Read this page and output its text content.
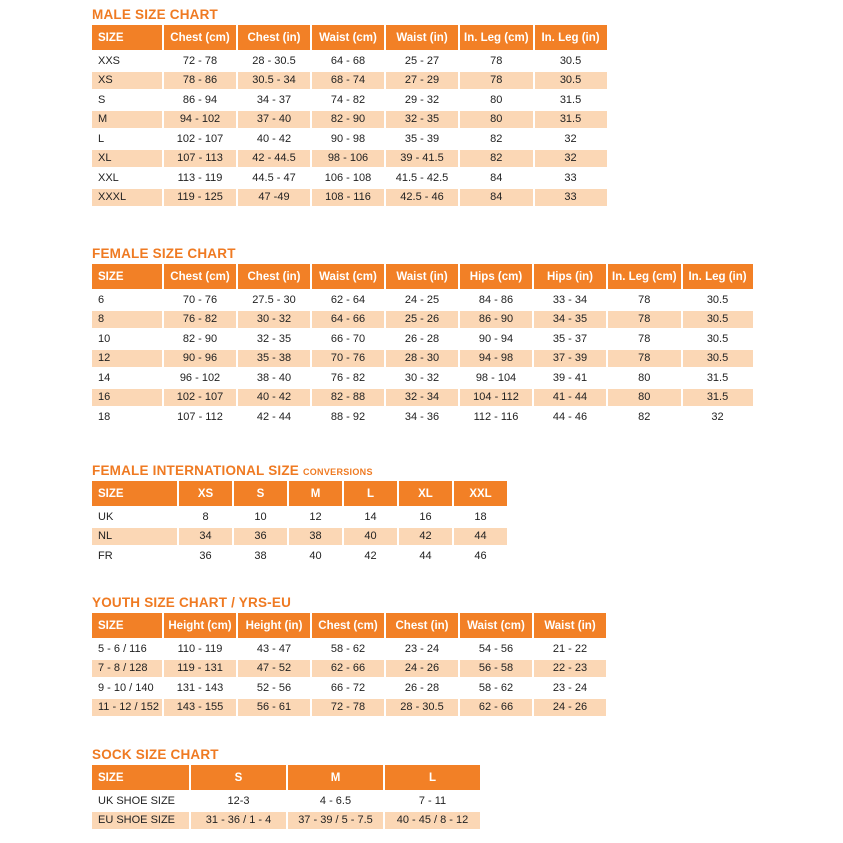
MALE SIZE CHART
SIZE	Chest (cm)	Chest (in)	Waist (cm)	Waist (in)	In. Leg (cm)	In. Leg (in)
XXS	72 - 78	28 - 30.5	64 - 68	25 - 27	78	30.5
XS	78 - 86	30.5 - 34	68 - 74	27 - 29	78	30.5
S	86 - 94	34 - 37	74 - 82	29 - 32	80	31.5
M	94 - 102	37 - 40	82 - 90	32 - 35	80	31.5
L	102 - 107	40 - 42	90 - 98	35 - 39	82	32
XL	107 - 113	42 - 44.5	98 - 106	39 - 41.5	82	32
XXL	113 - 119	44.5 - 47	106 - 108	41.5 - 42.5	84	33
XXXL	119 - 125	47 -49	108 - 116	42.5 - 46	84	33
FEMALE SIZE CHART
SIZE	Chest (cm)	Chest (in)	Waist (cm)	Waist (in)	Hips (cm)	Hips (in)	In. Leg (cm)	In. Leg (in)
6	70 - 76	27.5 - 30	62 - 64	24 - 25	84 - 86	33 - 34	78	30.5
8	76 - 82	30 - 32	64 - 66	25 - 26	86 - 90	34 - 35	78	30.5
10	82 - 90	32 - 35	66 - 70	26 - 28	90 - 94	35 - 37	78	30.5
12	90 - 96	35 - 38	70 - 76	28 - 30	94 - 98	37 - 39	78	30.5
14	96 - 102	38 - 40	76 - 82	30 - 32	98 - 104	39 - 41	80	31.5
16	102 - 107	40 - 42	82 - 88	32 - 34	104 - 112	41 - 44	80	31.5
18	107 - 112	42 - 44	88 - 92	34 - 36	112 - 116	44 - 46	82	32
FEMALE INTERNATIONAL SIZE CONVERSIONS
SIZE	XS	S	M	L	XL	XXL
UK	8	10	12	14	16	18
NL	34	36	38	40	42	44
FR	36	38	40	42	44	46
YOUTH SIZE CHART / YRS-EU
SIZE	Height (cm)	Height (in)	Chest (cm)	Chest (in)	Waist (cm)	Waist (in)
5 - 6 / 116	110 - 119	43 - 47	58 - 62	23 - 24	54 - 56	21 - 22
7 - 8 / 128	119 - 131	47 - 52	62 - 66	24 - 26	56 - 58	22 - 23
9 - 10 / 140	131 - 143	52 - 56	66 - 72	26 - 28	58 - 62	23 - 24
11 - 12 / 152	143 - 155	56 - 61	72 - 78	28 - 30.5	62 - 66	24 - 26
SOCK SIZE CHART
SIZE	S	M	L
UK SHOE SIZE	12-3	4 - 6.5	7 - 11
EU SHOE SIZE	31 - 36 / 1 - 4	37 - 39 / 5 - 7.5	40 - 45 / 8 - 12
